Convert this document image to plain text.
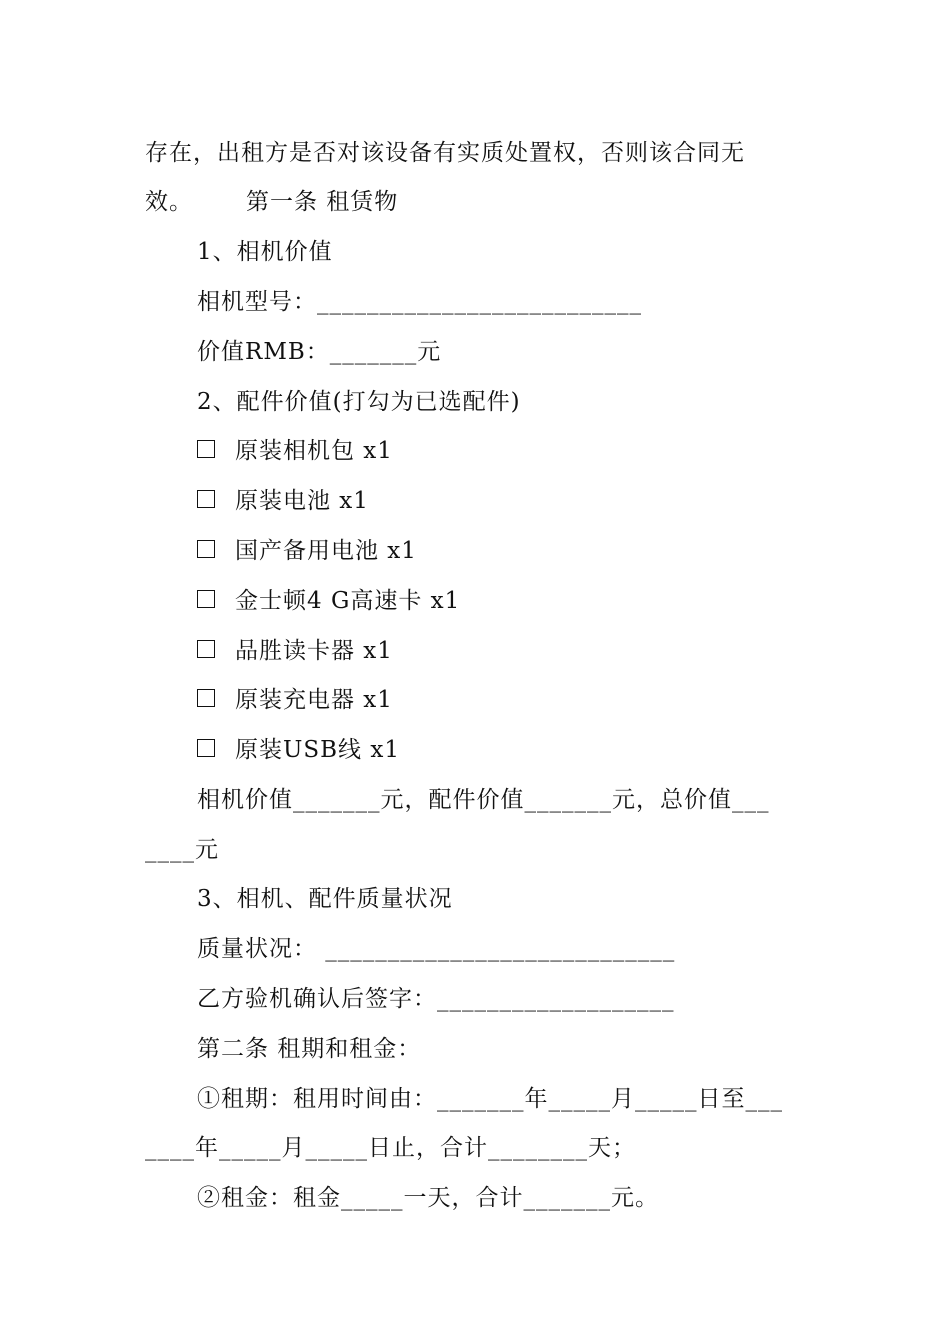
存在，出租方是否对该设备有实质处置权，否则该合同无
效。 第一条 租赁物
1、相机价值
相机型号：__________________________
价值RMB：_______元
2、配件价值(打勾为已选配件)
原装相机包 x1
原装电池 x1
国产备用电池 x1
金士顿4 G高速卡 x1
品胜读卡器 x1
原装充电器 x1
原装USB线 x1
相机价值_______元，配件价值_______元，总价值___
____元
3、相机、配件质量状况
质量状况： ____________________________
乙方验机确认后签字：___________________
第二条 租期和租金：
①租期：租用时间由：_______年_____月_____日至___
____年_____月_____日止，合计________天；
②租金：租金_____一天，合计_______元。
